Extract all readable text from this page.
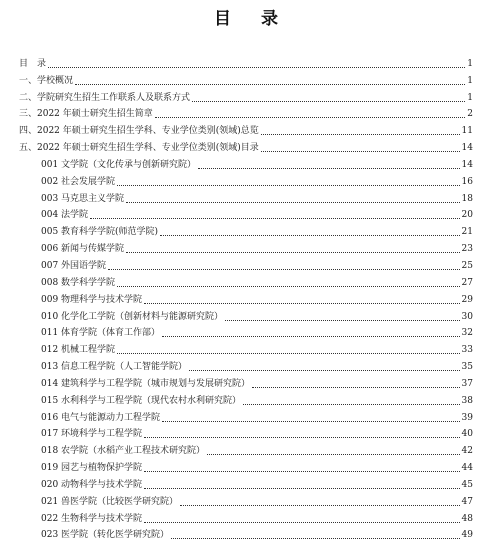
目 录
目　录	1
一、学校概况	1
二、学院研究生招生工作联系人及联系方式	1
三、2022 年硕士研究生招生简章	2
四、2022 年硕士研究生招生学科、专业学位类别(领域)总览	11
五、2022 年硕士研究生招生学科、专业学位类别(领域)目录	14
001 文学院（文化传承与创新研究院）	14
002 社会发展学院	16
003 马克思主义学院	18
004 法学院	20
005 教育科学学院(师范学院)	21
006 新闻与传媒学院	23
007 外国语学院	25
008 数学科学学院	27
009 物理科学与技术学院	29
010 化学化工学院（创新材料与能源研究院）	30
011 体育学院（体育工作部）	32
012 机械工程学院	33
013 信息工程学院（人工智能学院）	35
014 建筑科学与工程学院（城市规划与发展研究院）	37
015 水利科学与工程学院（现代农村水利研究院）	38
016 电气与能源动力工程学院	39
017 环境科学与工程学院	40
018 农学院（水稻产业工程技术研究院）	42
019 园艺与植物保护学院	44
020 动物科学与技术学院	45
021 兽医学院（比较医学研究院）	47
022 生物科学与技术学院	48
023 医学院（转化医学研究院）	49
